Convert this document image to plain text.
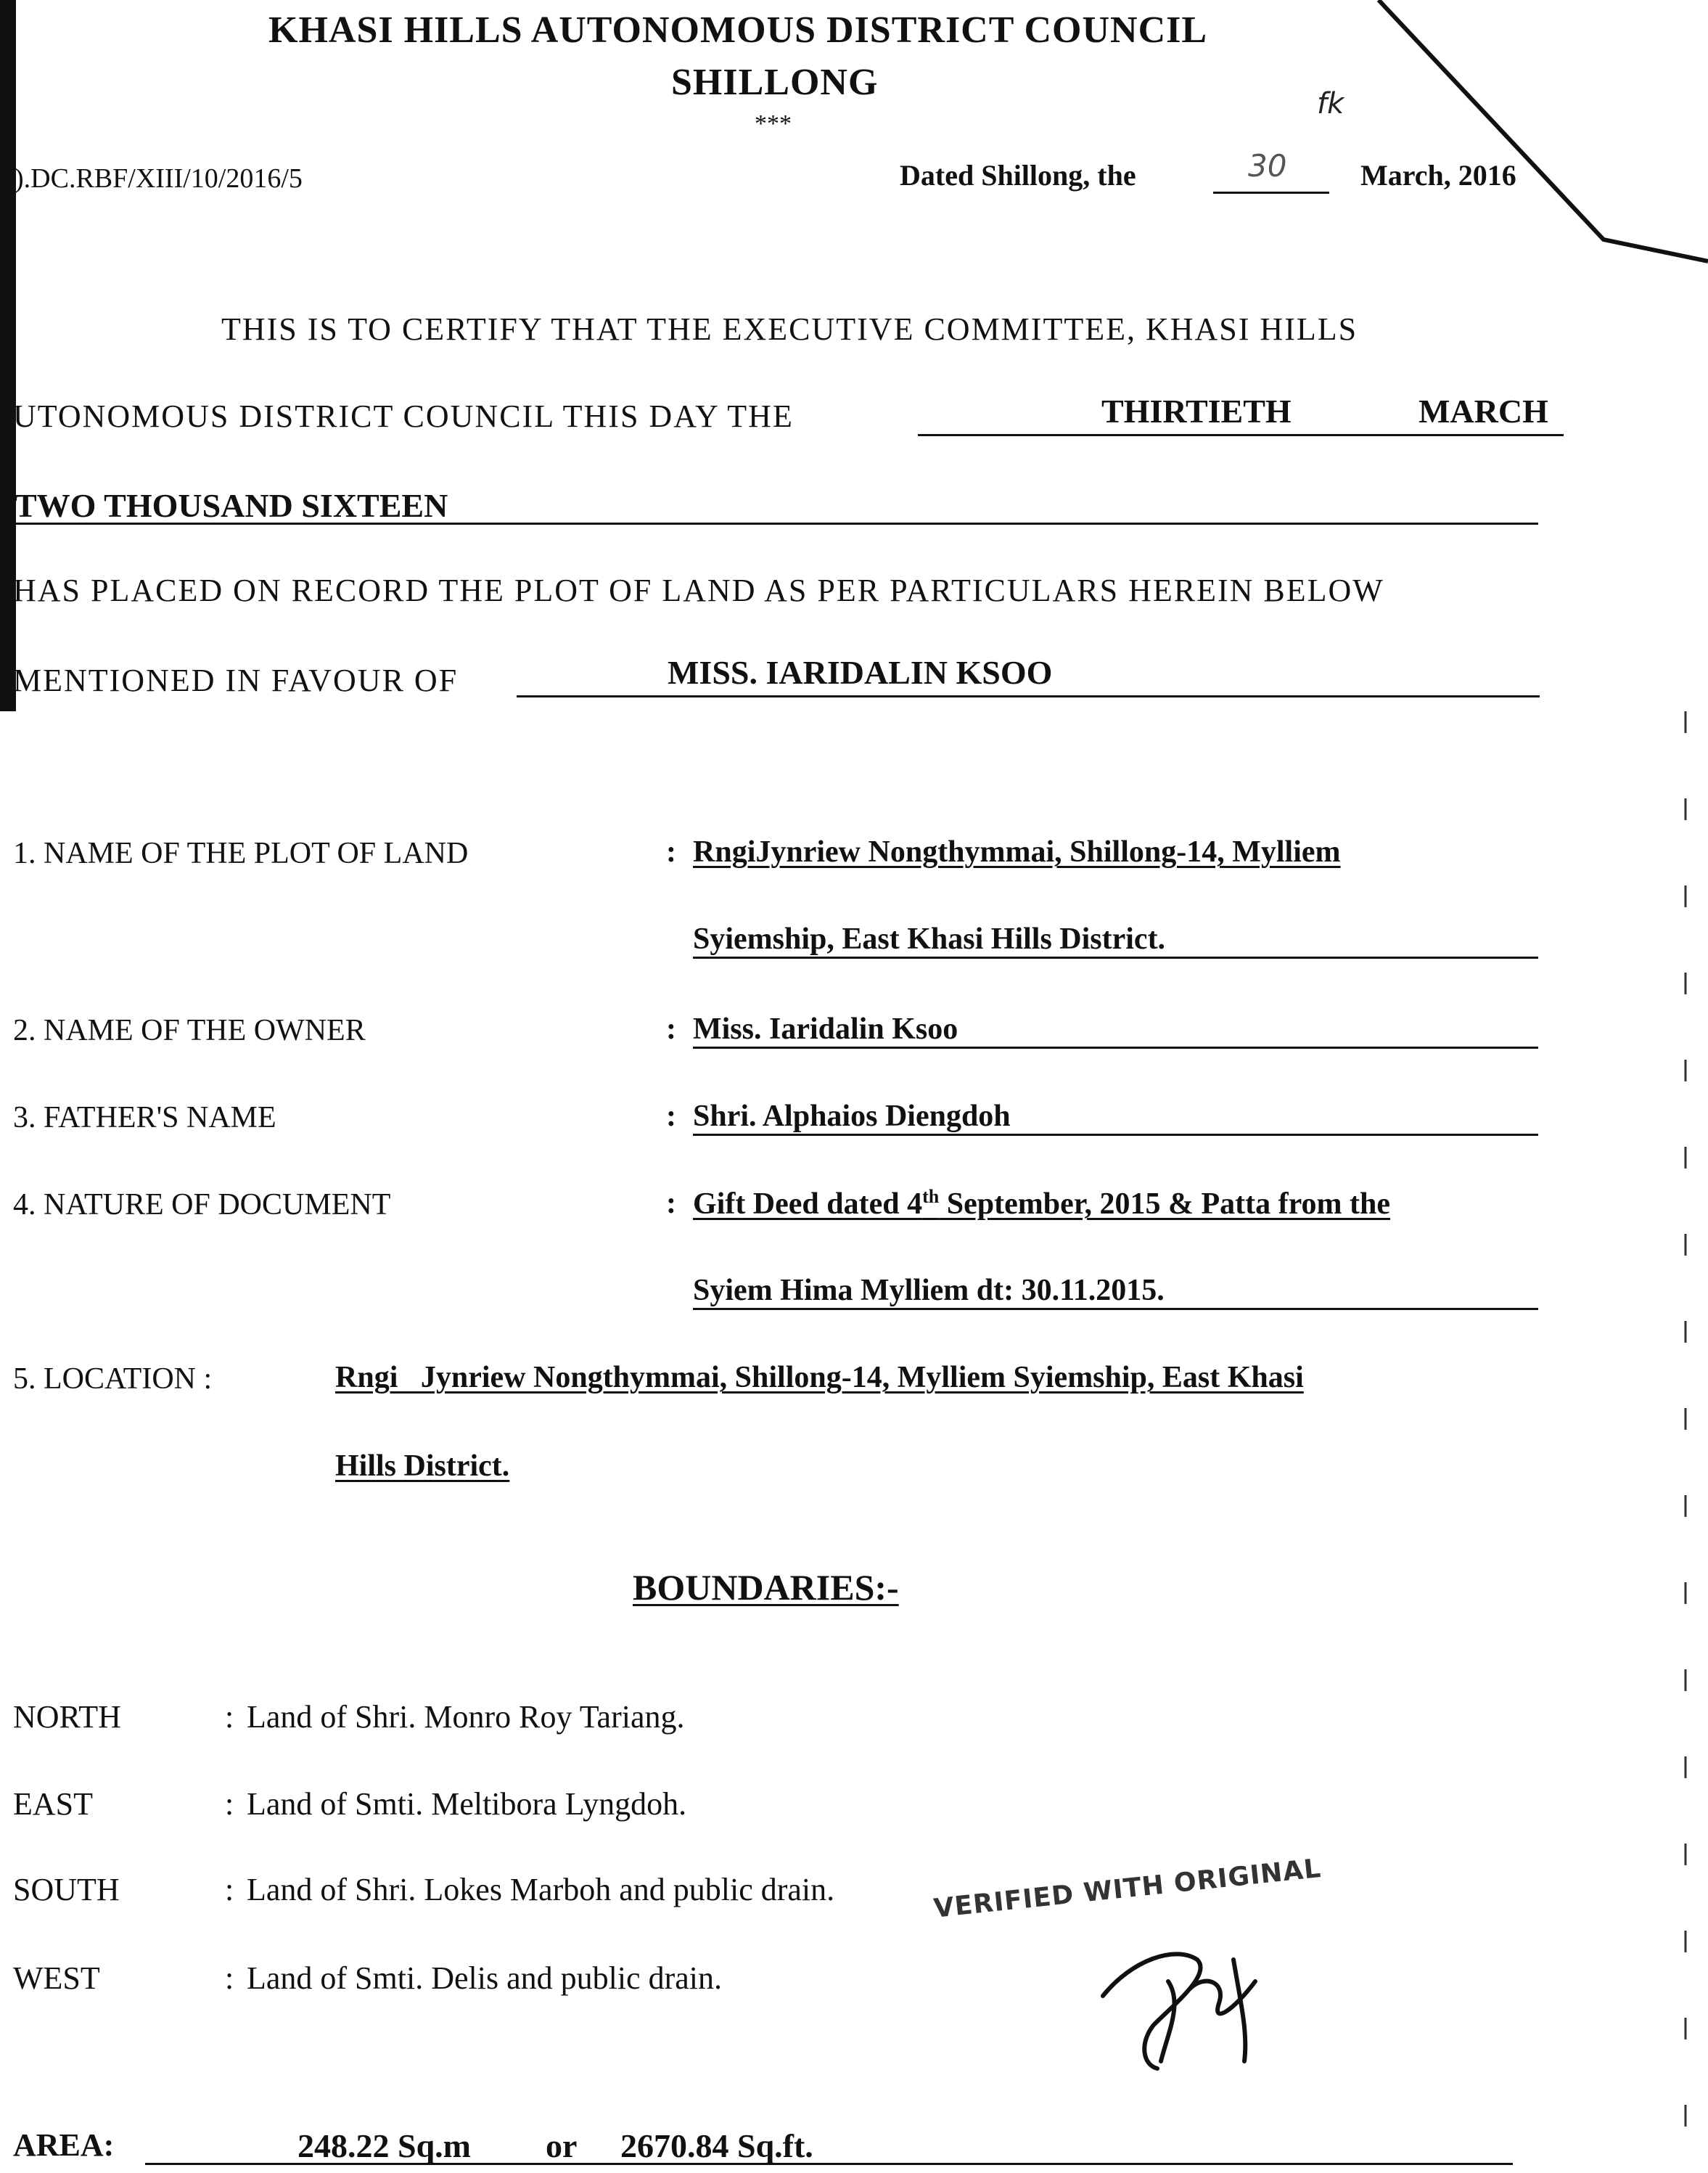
KHASI HILLS AUTONOMOUS DISTRICT COUNCIL
SHILLONG
***
fk
).DC.RBF/XIII/10/2016/5	Dated Shillong, the	30	March, 2016
THIS IS TO CERTIFY THAT THE EXECUTIVE COMMITTEE, KHASI HILLS
UTONOMOUS DISTRICT COUNCIL THIS DAY THE	THIRTIETH	MARCH
TWO THOUSAND SIXTEEN
HAS PLACED ON RECORD THE PLOT OF LAND AS PER PARTICULARS HEREIN BELOW
MENTIONED IN FAVOUR OF	MISS. IARIDALIN KSOO
1. NAME OF THE PLOT OF LAND	: RngiJynriew Nongthymmai, Shillong-14, Mylliem
Syiemship, East Khasi Hills District.
2. NAME OF THE OWNER	: Miss. Iaridalin Ksoo
3. FATHER'S NAME	: Shri. Alphaios Diengdoh
4. NATURE OF DOCUMENT	: Gift Deed dated 4th September, 2015 & Patta from the
Syiem Hima Mylliem dt: 30.11.2015.
5. LOCATION :	Rngi   Jynriew Nongthymmai, Shillong-14, Mylliem Syiemship, East Khasi
Hills District.
BOUNDARIES:-
NORTH	: Land of Shri. Monro Roy Tariang.
EAST	: Land of Smti. Meltibora Lyngdoh.
SOUTH	: Land of Shri. Lokes Marboh and public drain.
WEST	: Land of Smti. Delis and public drain.
VERIFIED WITH ORIGINAL
AREA:	248.22 Sq.m or 2670.84 Sq.ft.
